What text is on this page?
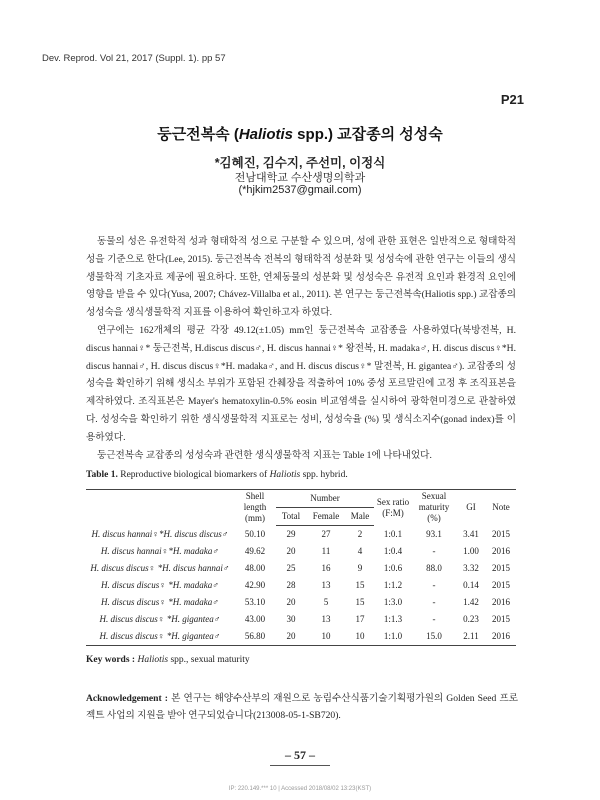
Dev. Reprod. Vol 21, 2017 (Suppl. 1). pp 57
P21
둥근전복속 (Haliotis spp.) 교잡종의 성성숙
*김혜진, 김수지, 주선미, 이정식
전남대학교 수산생명의학과
(*hjkim2537@gmail.com)

동물의 성은 유전학적 성과 형태학적 성으로 구분할 수 있으며, 성에 관한 표현은 일반적으로 형태학적 성을 기준으로 한다(Lee, 2015). 둥근전복속 전복의 형태학적 성분화 및 성성숙에 관한 연구는 이들의 생식생물학적 기초자료 제공에 필요하다. 또한, 연체동물의 성분화 및 성성숙은 유전적 요인과 환경적 요인에 영향을 받을 수 있다(Yusa, 2007; Chávez-Villalba et al., 2011). 본 연구는 둥근전복속(Haliotis spp.) 교잡종의 성성숙을 생식생물학적 지표를 이용하여 확인하고자 하였다.

연구에는 162개체의 평균 각장 49.12(±1.05) mm인 둥근전복속 교잡종을 사용하였다(북방전복, H. discus hannai♀* 둥근전복, H.discus discus♂, H. discus hannai♀* 왕전복, H. madaka♂, H. discus discus♀*H. discus hannai♂, H. discus discus♀*H. madaka♂, and H. discus discus♀* 말전복, H. gigantea♂). 교잡종의 성성숙을 확인하기 위해 생식소 부위가 포함된 간췌장을 적출하여 10% 중성 포르말린에 고정 후 조직표본을 제작하였다. 조직표본은 Mayer's hematoxylin-0.5% eosin 비교염색을 실시하여 광학현미경으로 관찰하였다. 성성숙을 확인하기 위한 생식생물학적 지표로는 성비, 성성숙율 (%) 및 생식소지수(gonad index)를 이용하였다.

둥근전복속 교잡종의 성성숙과 관련한 생식생물학적 지표는 Table 1에 나타내었다.

Table 1. Reproductive biological biomarkers of Haliotis spp. hybrid.
	Shell length (mm)	Number			Sex ratio (F:M)	Sexual maturity (%)	GI	Note
		Total	Female	Male				
H. discus hannai♀*H. discus discus♂	50.10	29	27	2	1:0.1	93.1	3.41	2015
H. discus hannai♀*H. madaka♂	49.62	20	11	4	1:0.4	-	1.00	2016
H. discus discus♀ *H. discus hannai♂	48.00	25	16	9	1:0.6	88.0	3.32	2015
H. discus discus♀ *H. madaka♂	42.90	28	13	15	1:1.2	-	0.14	2015
H. discus discus♀ *H. madaka♂	53.10	20	5	15	1:3.0	-	1.42	2016
H. discus discus♀ *H. gigantea♂	43.00	30	13	17	1:1.3	-	0.23	2015
H. discus discus♀ *H. gigantea♂	56.80	20	10	10	1:1.0	15.0	2.11	2016
Key words : Haliotis spp., sexual maturity
Acknowledgement : 본 연구는 해양수산부의 재원으로 농림수산식품기술기획평가원의 Golden Seed 프로젝트 사업의 지원을 받아 연구되었습니다(213008-05-1-SB720).
– 57 –
IP: 220.149.*** 10 | Accessed 2018/08/02 13:23(KST)
